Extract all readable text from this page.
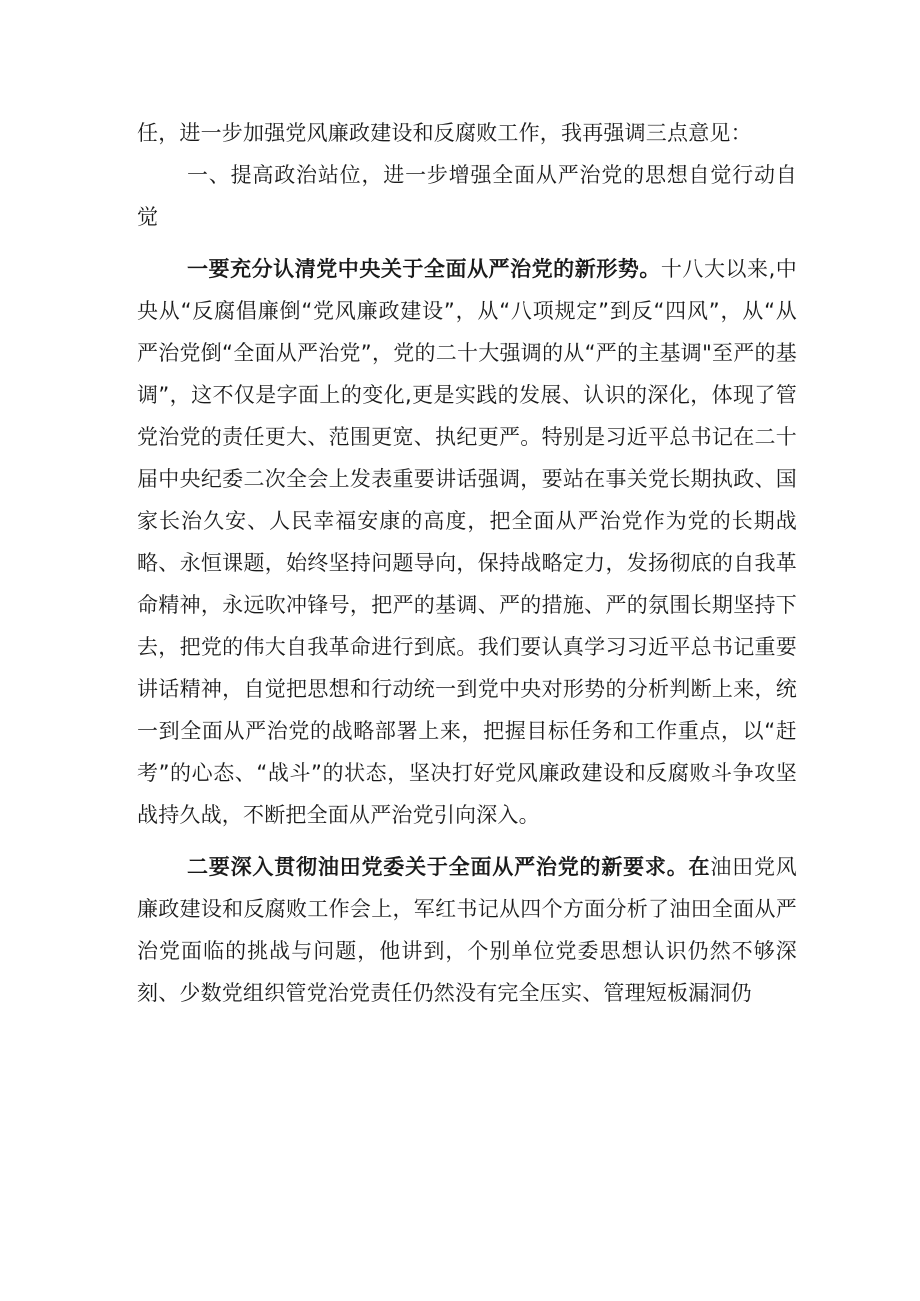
任，进一步加强党风廉政建设和反腐败工作，我再强调三点意见：

一、提高政治站位，进一步增强全面从严治党的思想自觉行动自觉

一要充分认清党中央关于全面从严治党的新形势。十八大以来,中央从“反腐倡廉倒“党风廉政建设”，从“八项规定”到反“四风”，从“从严治党倒“全面从严治党”，党的二十大强调的从“严的主基调"至严的基调”，这不仅是字面上的变化,更是实践的发展、认识的深化，体现了管党治党的责任更大、范围更宽、执纪更严。特别是习近平总书记在二十届中央纪委二次全会上发表重要讲话强调，要站在事关党长期执政、国家长治久安、人民幸福安康的高度，把全面从严治党作为党的长期战略、永恒课题，始终坚持问题导向，保持战略定力，发扬彻底的自我革命精神，永远吹冲锋号，把严的基调、严的措施、严的氛围长期坚持下去，把党的伟大自我革命进行到底。我们要认真学习习近平总书记重要讲话精神，自觉把思想和行动统一到党中央对形势的分析判断上来，统一到全面从严治党的战略部署上来，把握目标任务和工作重点，以“赶考”的心态、“战斗”的状态，坚决打好党风廉政建设和反腐败斗争攻坚战持久战，不断把全面从严治党引向深入。

二要深入贯彻油田党委关于全面从严治党的新要求。在油田党风廉政建设和反腐败工作会上，军红书记从四个方面分析了油田全面从严治党面临的挑战与问题，他讲到，个别单位党委思想认识仍然不够深刻、少数党组织管党治党责任仍然没有完全压实、管理短板漏洞仍
